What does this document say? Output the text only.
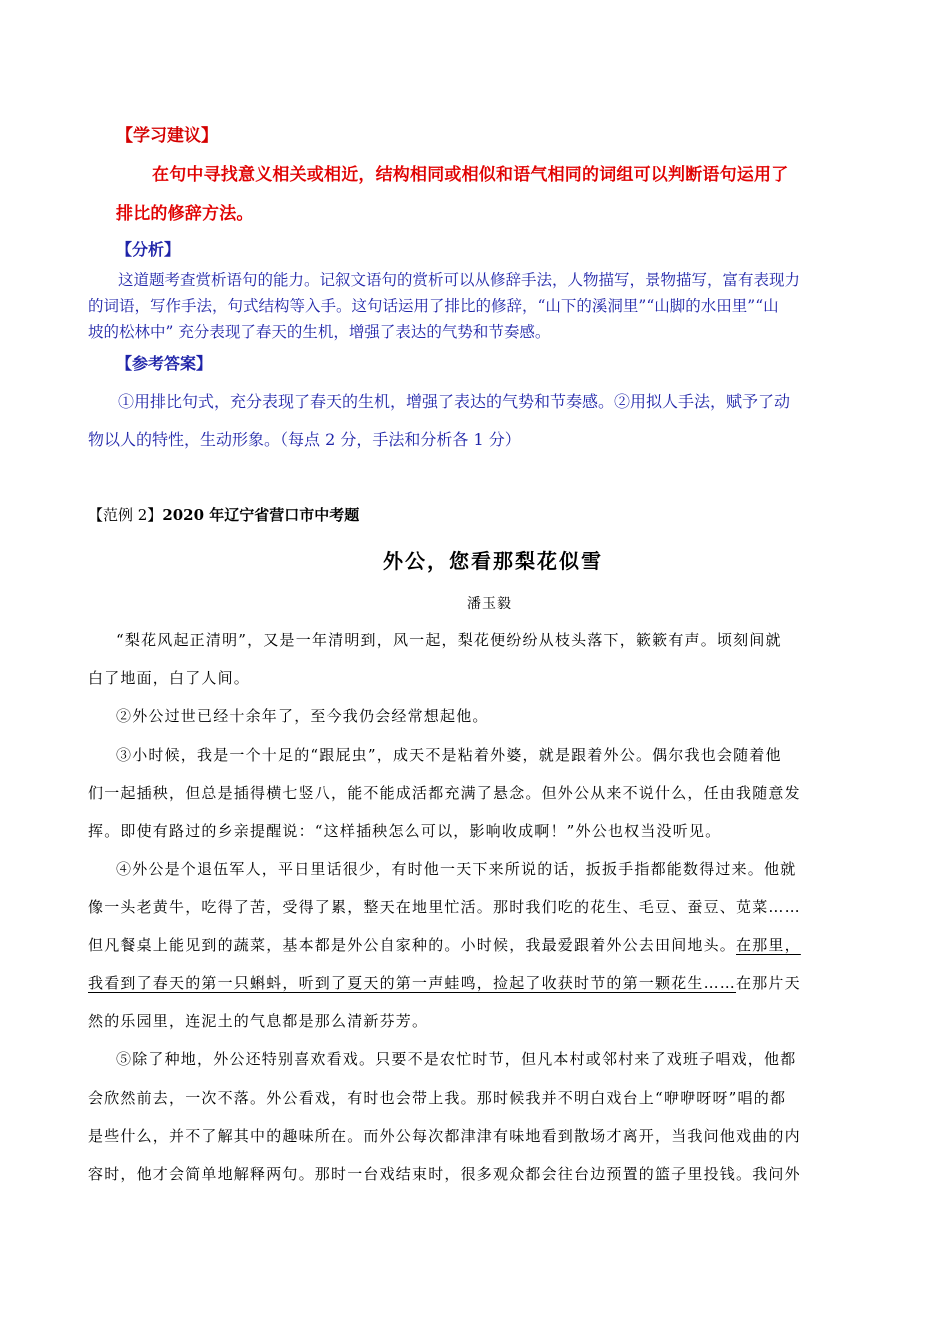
【学习建议】
在句中寻找意义相关或相近，结构相同或相似和语气相同的词组可以判断语句运用了
排比的修辞方法。
【分析】
这道题考查赏析语句的能力。记叙文语句的赏析可以从修辞手法，人物描写，景物描写，富有表现力
的词语，写作手法，句式结构等入手。这句话运用了排比的修辞，“山下的溪洞里”“山脚的水田里”“山
坡的松林中” 充分表现了春天的生机，增强了表达的气势和节奏感。
【参考答案】
①用排比句式，充分表现了春天的生机，增强了表达的气势和节奏感。②用拟人手法，赋予了动
物以人的特性，生动形象。（每点 2 分，手法和分析各 1 分）
【范例 2】2020 年辽宁省营口市中考题
外公，您看那梨花似雪
潘玉毅
“梨花风起正清明”，又是一年清明到，风一起，梨花便纷纷从枝头落下，簌簌有声。顷刻间就
白了地面，白了人间。
②外公过世已经十余年了，至今我仍会经常想起他。
③小时候，我是一个十足的“跟屁虫”，成天不是粘着外婆，就是跟着外公。偶尔我也会随着他
们一起插秧，但总是插得横七竖八，能不能成活都充满了悬念。但外公从来不说什么，任由我随意发
挥。即使有路过的乡亲提醒说：“这样插秧怎么可以，影响收成啊！”外公也权当没听见。
④外公是个退伍军人，平日里话很少，有时他一天下来所说的话，扳扳手指都能数得过来。他就
像一头老黄牛，吃得了苦，受得了累，整天在地里忙活。那时我们吃的花生、毛豆、蚕豆、苋菜……
但凡餐桌上能见到的蔬菜，基本都是外公自家种的。小时候，我最爱跟着外公去田间地头。在那里，
我看到了春天的第一只蝌蚪，听到了夏天的第一声蛙鸣，捡起了收获时节的第一颗花生……在那片天
然的乐园里，连泥土的气息都是那么清新芬芳。
⑤除了种地，外公还特别喜欢看戏。只要不是农忙时节，但凡本村或邻村来了戏班子唱戏，他都
会欣然前去，一次不落。外公看戏，有时也会带上我。那时候我并不明白戏台上“咿咿呀呀”唱的都
是些什么，并不了解其中的趣味所在。而外公每次都津津有味地看到散场才离开，当我问他戏曲的内
容时，他才会简单地解释两句。那时一台戏结束时，很多观众都会往台边预置的篮子里投钱。我问外
